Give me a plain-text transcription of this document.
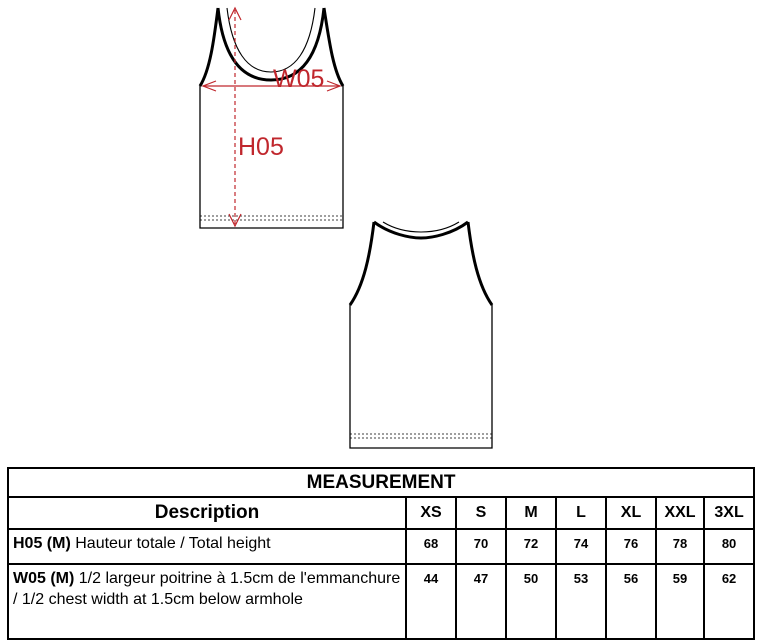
W05
H05
MEASUREMENT							
Description	XS	S	M	L	XL	XXL	3XL
H05 (M) Hauteur totale / Total height	68	70	72	74	76	78	80
W05 (M) 1/2 largeur poitrine à 1.5cm de l'emmanchure / 1/2 chest width at 1.5cm below armhole	44	47	50	53	56	59	62
